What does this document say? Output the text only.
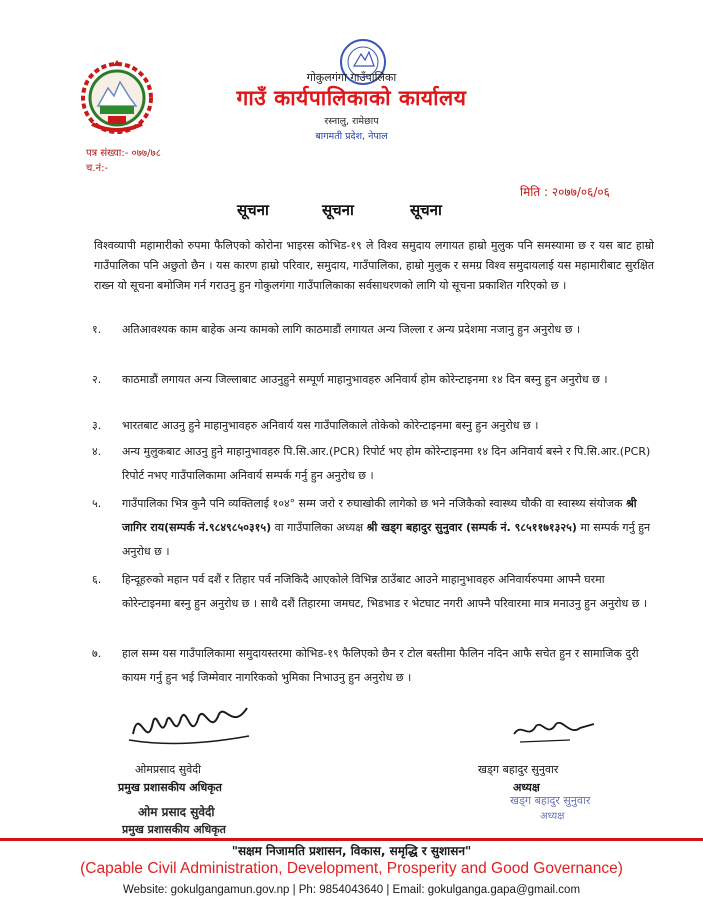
गोकुलगंगा गाउँपालिका
गाउँ कार्यपालिकाको कार्यालय
रस्नालु, रामेछाप
बागमती प्रदेश, नेपाल
पत्र संख्या:- ०७७/७८
च.नं:-
मिति : २०७७/०६/०६
सूचना	सूचना	सूचना
विश्वव्यापी महामारीको रुपमा फैलिएको कोरोना भाइरस कोभिड-१९ ले विश्व समुदाय लगायत हाम्रो मुलुक पनि समस्यामा छ र यस बाट हाम्रो गाउँपालिका पनि अछुतो छैन । यस कारण हाम्रो परिवार, समुदाय, गाउँपालिका, हाम्रो मुलुक र समग्र विश्व समुदायलाई यस महामारीबाट सुरक्षित राख्न यो सूचना बमोजिम गर्न गराउनु हुन गोकुलगंगा गाउँपालिकाका सर्वसाधरणको लागि यो सूचना प्रकाशित गरिएको छ ।
१.	अतिआवश्यक काम बाहेक अन्य कामको लागि काठमाडौं लगायत अन्य जिल्ला र अन्य प्रदेशमा नजानु हुन अनुरोध छ ।
२.	काठमाडौं लगायत अन्य जिल्लाबाट आउनुहुने सम्पूर्ण माहानुभावहरु अनिवार्य होम कोरेन्टाइनमा १४ दिन बस्नु हुन अनुरोध छ ।
३.	भारतबाट आउनु हुने माहानुभावहरु अनिवार्य यस गाउँपालिकाले तोकेको कोरेन्टाइनमा बस्नु हुन अनुरोध छ ।
४.	अन्य मुलुकबाट आउनु हुने माहानुभावहरु पि.सि.आर.(PCR) रिपोर्ट भए होम कोरेन्टाइनमा १४ दिन अनिवार्य बस्ने र पि.सि.आर.(PCR) रिपोर्ट नभए गाउँपालिकामा अनिवार्य सम्पर्क गर्नु हुन अनुरोध छ ।
५.	गाउँपालिका भित्र कुनै पनि व्यक्तिलाई १०४° सम्म जरो र रुघाखोकी लागेको छ भने नजिकैको स्वास्थ्य चौकी वा स्वास्थ्य संयोजक श्री जागिर राय(सम्पर्क नं.९८४९८५०३१५) वा गाउँपालिका अध्यक्ष श्री खड्ग बहादुर सुनुवार (सम्पर्क नं. ९८५११७१३२५) मा सम्पर्क गर्नु हुन अनुरोध छ ।
६.	हिन्दूहरुको महान पर्व दशैं र तिहार पर्व नजिकिदै आएकोले विभिन्न ठाउँबाट आउने माहानुभावहरु अनिवार्यरुपमा आफ्नै घरमा कोरेन्टाइनमा बस्नु हुन अनुरोध छ । साथै दशैं तिहारमा जमघट, भिडभाड र भेटघाट नगरी आफ्नै परिवारमा मात्र मनाउनु हुन अनुरोध छ ।
७.	हाल सम्म यस गाउँपालिकामा समुदायस्तरमा कोभिड-१९ फैलिएको छैन र टोल बस्तीमा फैलिन नदिन आफै सचेत हुन र सामाजिक दुरी कायम गर्नु हुन भई जिम्मेवार नागरिकको भुमिका निभाउनु हुन अनुरोध छ ।
ओमप्रसाद सुवेदी
प्रमुख प्रशासकीय अधिकृत
ओम प्रसाद सुवेदी
प्रमुख प्रशासकीय अधिकृत
खड्ग बहादुर सुनुवार
अध्यक्ष
खड्ग बहादुर सुनुवार
अध्यक्ष
"सक्षम निजामति प्रशासन, विकास, समृद्धि र सुशासन"
(Capable Civil Administration, Development, Prosperity and Good Governance)
Website: gokulgangamun.gov.np | Ph: 9854043640 | Email: gokulganga.gapa@gmail.com
